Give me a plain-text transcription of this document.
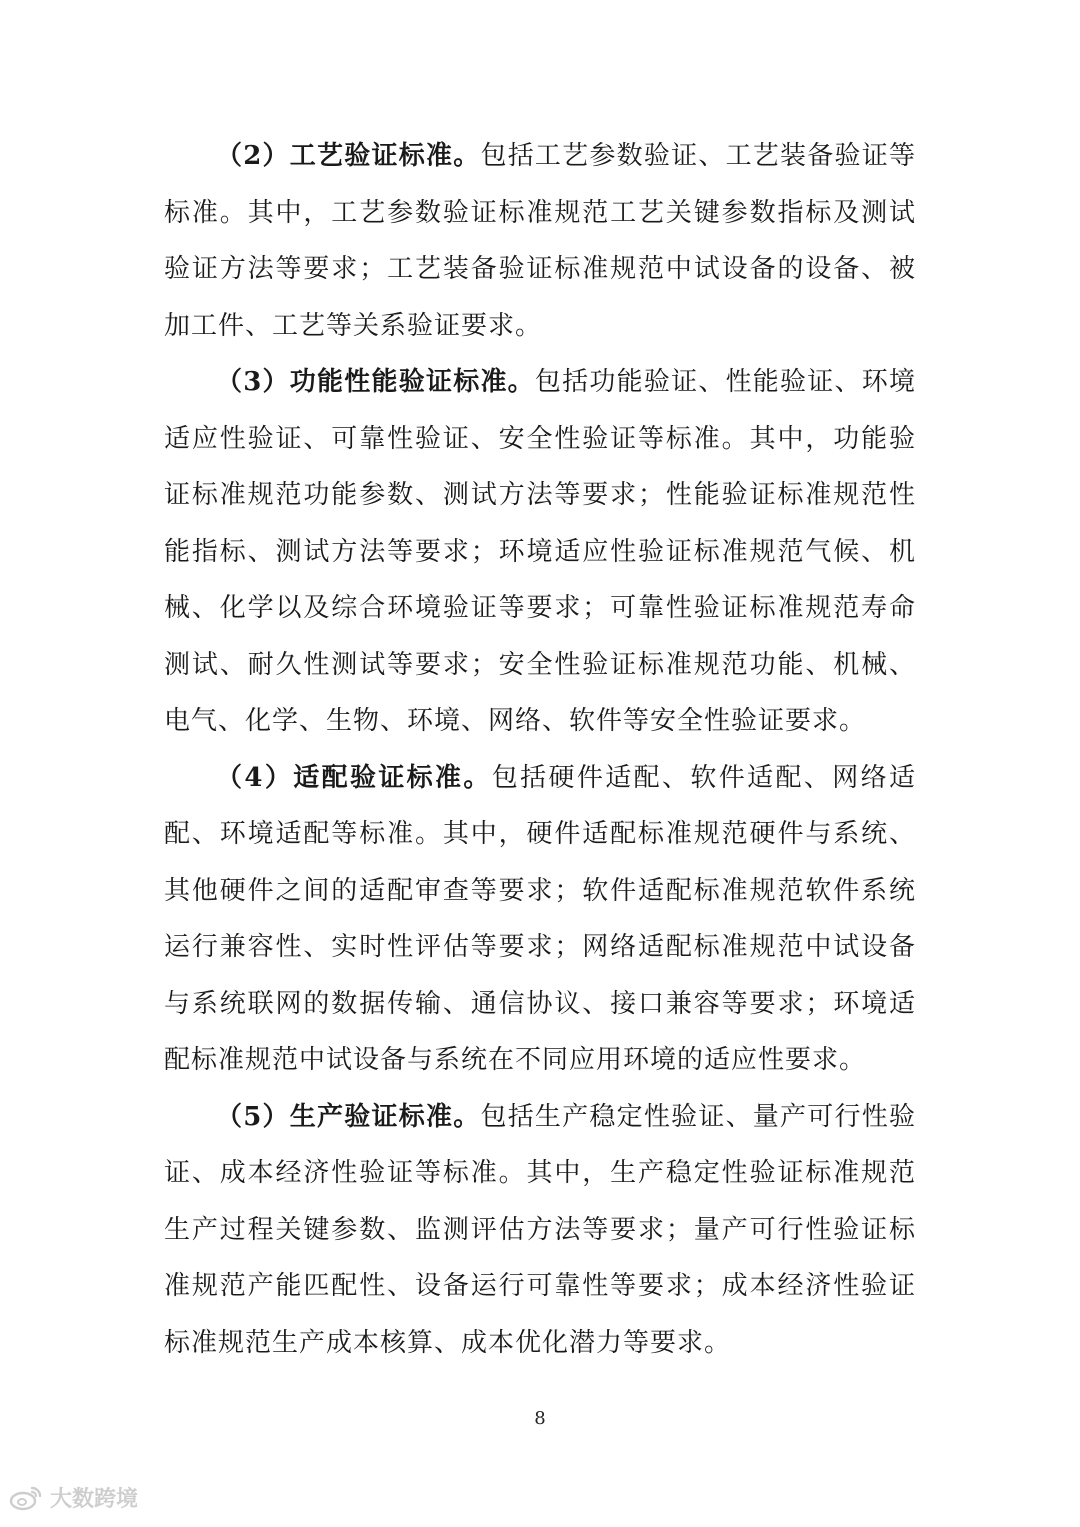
（2）工艺验证标准。包括工艺参数验证、工艺装备验证等标准。其中，工艺参数验证标准规范工艺关键参数指标及测试验证方法等要求；工艺装备验证标准规范中试设备的设备、被加工件、工艺等关系验证要求。

（3）功能性能验证标准。包括功能验证、性能验证、环境适应性验证、可靠性验证、安全性验证等标准。其中，功能验证标准规范功能参数、测试方法等要求；性能验证标准规范性能指标、测试方法等要求；环境适应性验证标准规范气候、机械、化学以及综合环境验证等要求；可靠性验证标准规范寿命测试、耐久性测试等要求；安全性验证标准规范功能、机械、电气、化学、生物、环境、网络、软件等安全性验证要求。

（4）适配验证标准。包括硬件适配、软件适配、网络适配、环境适配等标准。其中，硬件适配标准规范硬件与系统、其他硬件之间的适配审查等要求；软件适配标准规范软件系统运行兼容性、实时性评估等要求；网络适配标准规范中试设备与系统联网的数据传输、通信协议、接口兼容等要求；环境适配标准规范中试设备与系统在不同应用环境的适应性要求。

（5）生产验证标准。包括生产稳定性验证、量产可行性验证、成本经济性验证等标准。其中，生产稳定性验证标准规范生产过程关键参数、监测评估方法等要求；量产可行性验证标准规范产能匹配性、设备运行可靠性等要求；成本经济性验证标准规范生产成本核算、成本优化潜力等要求。

8
大数跨境
